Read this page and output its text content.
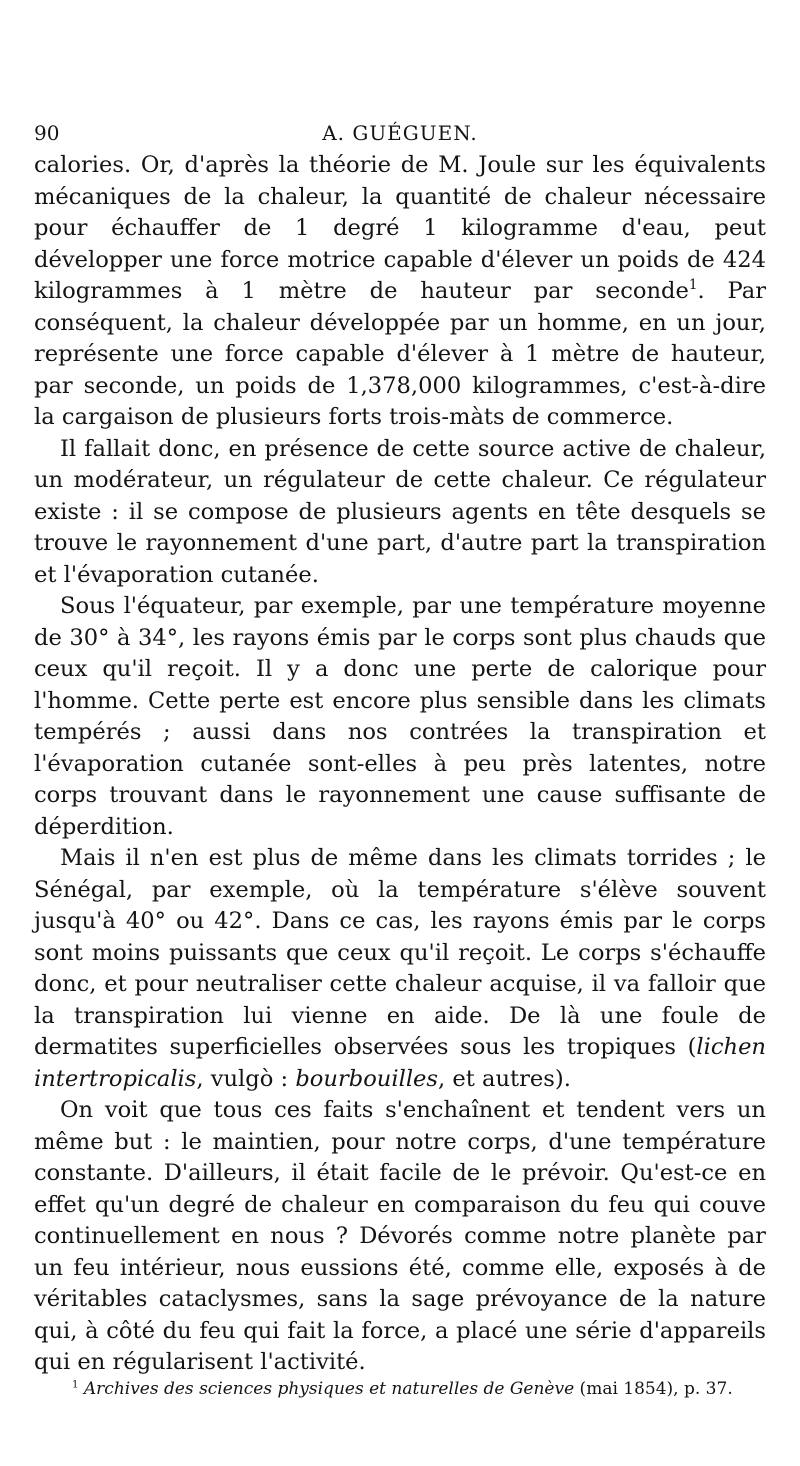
90	A. GUÉGUEN.

calories. Or, d'après la théorie de M. Joule sur les équivalents mécaniques de la chaleur, la quantité de chaleur nécessaire pour échauffer de 1 degré 1 kilogramme d'eau, peut développer une force motrice capable d'élever un poids de 424 kilogrammes à 1 mètre de hauteur par seconde$^1$. Par conséquent, la chaleur développée par un homme, en un jour, représente une force capable d'élever à 1 mètre de hauteur, par seconde, un poids de 1,378,000 kilogrammes, c'est-à-dire la cargaison de plusieurs forts trois-màts de commerce.

Il fallait donc, en présence de cette source active de chaleur, un modérateur, un régulateur de cette chaleur. Ce régulateur existe : il se compose de plusieurs agents en tête desquels se trouve le rayonnement d'une part, d'autre part la transpiration et l'évaporation cutanée.

Sous l'équateur, par exemple, par une température moyenne de 30° à 34°, les rayons émis par le corps sont plus chauds que ceux qu'il reçoit. Il y a donc une perte de calorique pour l'homme. Cette perte est encore plus sensible dans les climats tempérés ; aussi dans nos contrées la transpiration et l'évaporation cutanée sont-elles à peu près latentes, notre corps trouvant dans le rayonnement une cause suffisante de déperdition.

Mais il n'en est plus de même dans les climats torrides ; le Sénégal, par exemple, où la température s'élève souvent jusqu'à 40° ou 42°. Dans ce cas, les rayons émis par le corps sont moins puissants que ceux qu'il reçoit. Le corps s'échauffe donc, et pour neutraliser cette chaleur acquise, il va falloir que la transpiration lui vienne en aide. De là une foule de dermatites superficielles observées sous les tropiques (lichen intertropicalis, vulgò : bourbouilles, et autres).

On voit que tous ces faits s'enchaînent et tendent vers un même but : le maintien, pour notre corps, d'une température constante. D'ailleurs, il était facile de le prévoir. Qu'est-ce en effet qu'un degré de chaleur en comparaison du feu qui couve continuellement en nous ? Dévorés comme notre planète par un feu intérieur, nous eussions été, comme elle, exposés à de véritables cataclysmes, sans la sage prévoyance de la nature qui, à côté du feu qui fait la force, a placé une série d'appareils qui en régularisent l'activité.

$^1$ Archives des sciences physiques et naturelles de Genève (mai 1854), p. 37.
